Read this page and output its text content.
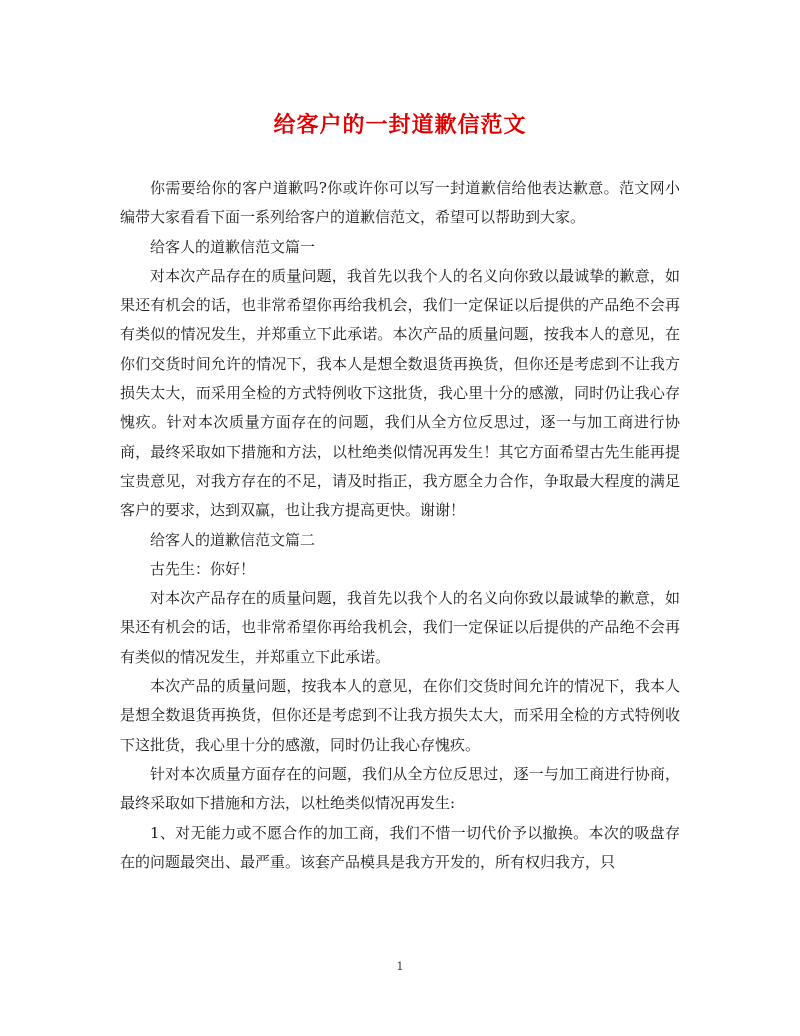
给客户的一封道歉信范文

你需要给你的客户道歉吗?你或许你可以写一封道歉信给他表达歉意。范文网小编带大家看看下面一系列给客户的道歉信范文，希望可以帮助到大家。

给客人的道歉信范文篇一

对本次产品存在的质量问题，我首先以我个人的名义向你致以最诚挚的歉意，如果还有机会的话，也非常希望你再给我机会，我们一定保证以后提供的产品绝不会再有类似的情况发生，并郑重立下此承诺。本次产品的质量问题，按我本人的意见，在你们交货时间允许的情况下，我本人是想全数退货再换货，但你还是考虑到不让我方损失太大，而采用全检的方式特例收下这批货，我心里十分的感激，同时仍让我心存愧疚。针对本次质量方面存在的问题，我们从全方位反思过，逐一与加工商进行协商，最终采取如下措施和方法，以杜绝类似情况再发生！其它方面希望古先生能再提宝贵意见，对我方存在的不足，请及时指正，我方愿全力合作，争取最大程度的满足客户的要求，达到双赢，也让我方提高更快。谢谢！

给客人的道歉信范文篇二

古先生：你好！

对本次产品存在的质量问题，我首先以我个人的名义向你致以最诚挚的歉意，如果还有机会的话，也非常希望你再给我机会，我们一定保证以后提供的产品绝不会再有类似的情况发生，并郑重立下此承诺。

本次产品的质量问题，按我本人的意见，在你们交货时间允许的情况下，我本人是想全数退货再换货，但你还是考虑到不让我方损失太大，而采用全检的方式特例收下这批货，我心里十分的感激，同时仍让我心存愧疚。

针对本次质量方面存在的问题，我们从全方位反思过，逐一与加工商进行协商，最终采取如下措施和方法，以杜绝类似情况再发生:

1、对无能力或不愿合作的加工商，我们不惜一切代价予以撤换。本次的吸盘存在的问题最突出、最严重。该套产品模具是我方开发的，所有权归我方，只

1
